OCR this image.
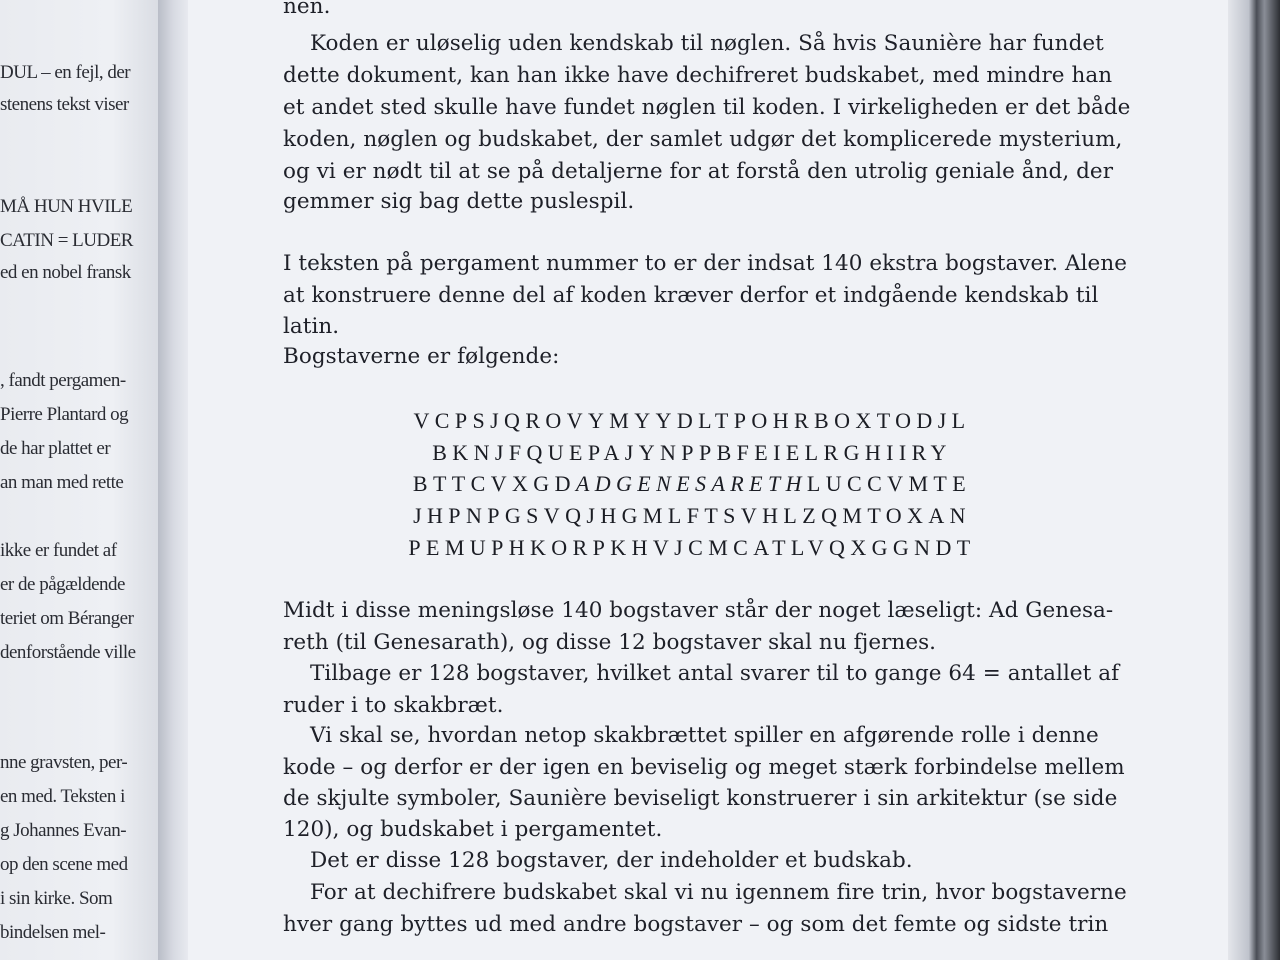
DUL – en fejl, der
stenens tekst viser
MÅ HUN HVILE
CATIN = LUDER
ed en nobel fransk
, fandt pergamen-
Pierre Plantard og
de har plattet er
an man med rette
ikke er fundet af
er de pågældende
teriet om Béranger
denforstående ville
nne gravsten, per-
en med. Teksten i
g Johannes Evan-
op den scene med
i sin kirke. Som
bindelsen mel-
nen.
Koden er uløselig uden kendskab til nøglen. Så hvis Saunière har fundet
dette dokument, kan han ikke have dechifreret budskabet, med mindre han
et andet sted skulle have fundet nøglen til koden. I virkeligheden er det både
koden, nøglen og budskabet, der samlet udgør det komplicerede mysterium,
og vi er nødt til at se på detaljerne for at forstå den utrolig geniale ånd, der
gemmer sig bag dette puslespil.
I teksten på pergament nummer to er der indsat 140 ekstra bogstaver. Alene
at konstruere denne del af koden kræver derfor et indgående kendskab til
latin.
Bogstaverne er følgende:
VCPSJQROVYMYYDLTPOHRBOXTODJL
BKNJFQUEPAJYNPPBFEIELRGHIIRY
BTTCVXGDADGENESARETHLUCCVMTE
JHPNPGSVQJHGMLFTSVHLZQMTOXAN
PEMUPHKORPKHVJCMCATLVQXGGNDT
Midt i disse meningsløse 140 bogstaver står der noget læseligt: Ad Genesa-
reth (til Genesarath), og disse 12 bogstaver skal nu fjernes.
Tilbage er 128 bogstaver, hvilket antal svarer til to gange 64 = antallet af
ruder i to skakbræt.
Vi skal se, hvordan netop skakbrættet spiller en afgørende rolle i denne
kode – og derfor er der igen en beviselig og meget stærk forbindelse mellem
de skjulte symboler, Saunière beviseligt konstruerer i sin arkitektur (se side
120), og budskabet i pergamentet.
Det er disse 128 bogstaver, der indeholder et budskab.
For at dechifrere budskabet skal vi nu igennem fire trin, hvor bogstaverne
hver gang byttes ud med andre bogstaver – og som det femte og sidste trin
